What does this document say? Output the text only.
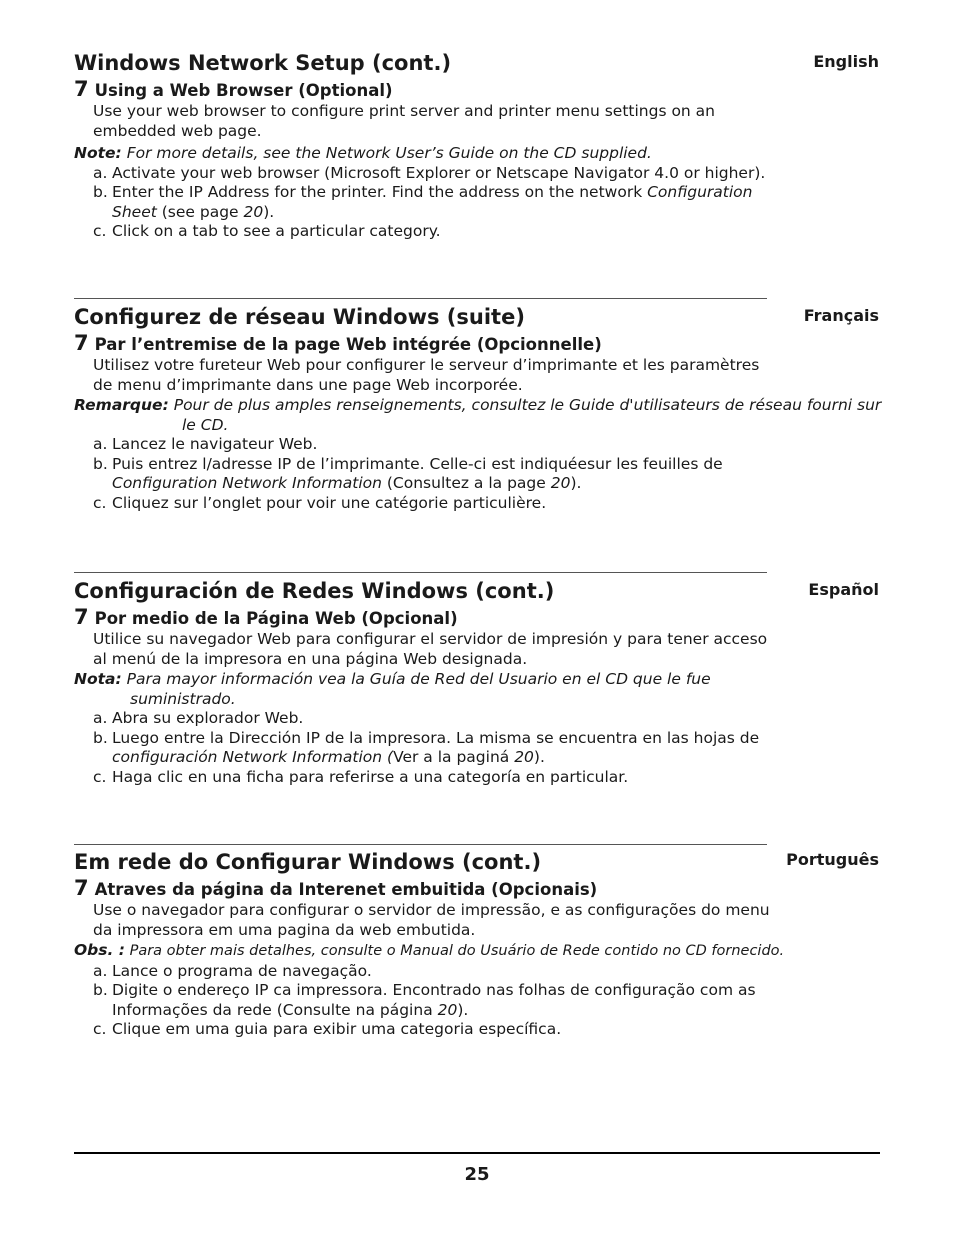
English
Windows Network Setup (cont.)
7 Using a Web Browser (Optional)

Use your web browser to configure print server and printer menu settings on an embedded web page.

Note: For more details, see the Network User’s Guide on the CD supplied.

a. Activate your web browser (Microsoft Explorer or Netscape Navigator 4.0 or higher).
b. Enter the IP Address for the printer. Find the address on the network Configuration Sheet (see page 20).
c. Click on a tab to see a particular category.
Français
Configurez de réseau Windows (suite)
7 Par l’entremise de la page Web intégrée (Opcionnelle)

Utilisez votre fureteur Web pour configurer le serveur d’imprimante et les paramètres de menu d’imprimante dans une page Web incorporée.

Remarque: Pour de plus amples renseignements, consultez le Guide d'utilisateurs de réseau fourni sur le CD.

a. Lancez le navigateur Web.
b. Puis entrez l/adresse IP de l’imprimante. Celle-ci est indiquéesur les feuilles de Configuration Network Information (Consultez a la page 20).
c. Cliquez sur l’onglet pour voir une catégorie particulière.
Español
Configuración de Redes Windows (cont.)
7 Por medio de la Página Web (Opcional)

Utilice su navegador Web para configurar el servidor de impresión y para tener acceso al menú de la impresora en una página Web designada.

Nota: Para mayor información vea la Guía de Red del Usuario en el CD que le fue suministrado.

a. Abra su explorador Web.
b. Luego entre la Dirección IP de la impresora. La misma se encuentra en las hojas de configuración Network Information (Ver a la paginá 20).
c. Haga clic en una ficha para referirse a una categoría en particular.
Português
Em rede do Configurar Windows (cont.)
7 Atraves da página da Interenet embuitida (Opcionais)

Use o navegador para configurar o servidor de impressão, e as configurações do menu da impressora em uma pagina da web embutida.

Obs. : Para obter mais detalhes, consulte o Manual do Usuário de Rede contido no CD fornecido.

a. Lance o programa de navegação.
b. Digite o endereço IP ca impressora. Encontrado nas folhas de configuração com as Informações da rede (Consulte na página 20).
c. Clique em uma guia para exibir uma categoria específica.
25
